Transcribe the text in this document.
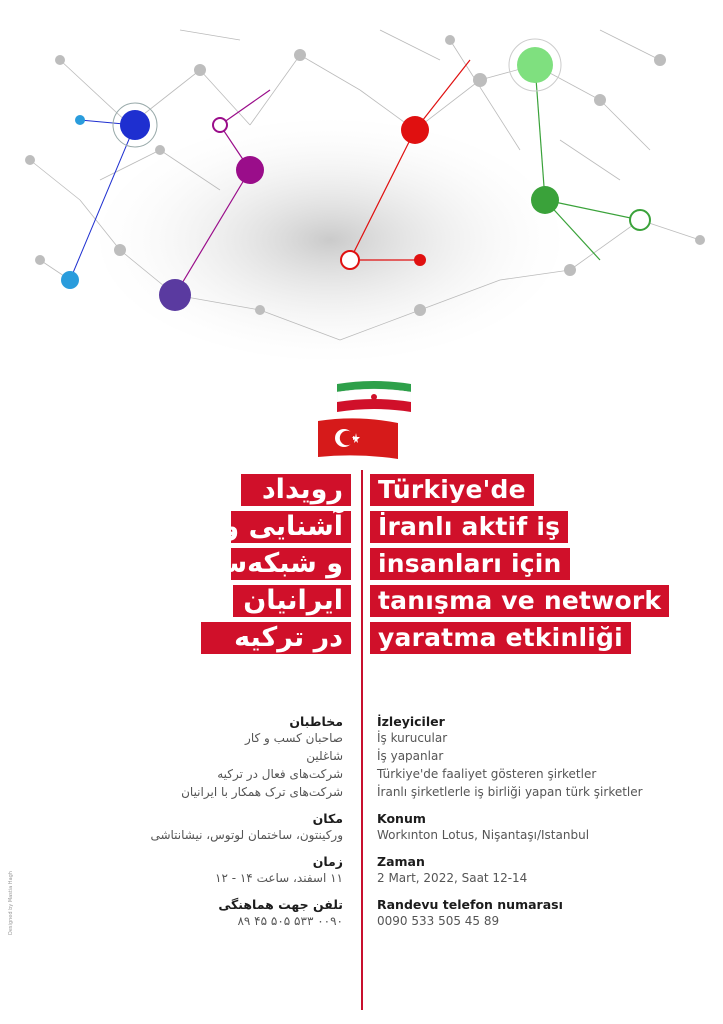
رویداد
آشنایی و
و شبکه‌سازی
ایرانیان فعال
در ترکیه
Türkiye'de
İranlı aktif iş
insanları için
tanışma ve network
yaratma etkinliği
مخاطبان
صاحبان کسب و کار
شاغلین
شرکت‌های فعال در ترکیه
شرکت‌های ترک همکار با ایرانیان
مکان
ورکینتون، ساختمان لوتوس، نیشانتاشی
زمان
۱۱ اسفند، ساعت ۱۴ - ۱۲
تلفن جهت هماهنگی
۰۰۹۰ ۵۳۳ ۵۰۵ ۴۵ ۸۹
İzleyiciler
İş kurucular
İş yapanlar
Türkiye'de faaliyet gösteren şirketler
İranlı şirketlerle iş birliği yapan türk şirketler
Konum
Workınton Lotus, Nişantaşı/Istanbul
Zaman
2 Mart, 2022, Saat 12-14
Randevu telefon numarası
0090 533 505 45 89
Designed by Mastia Hagh
